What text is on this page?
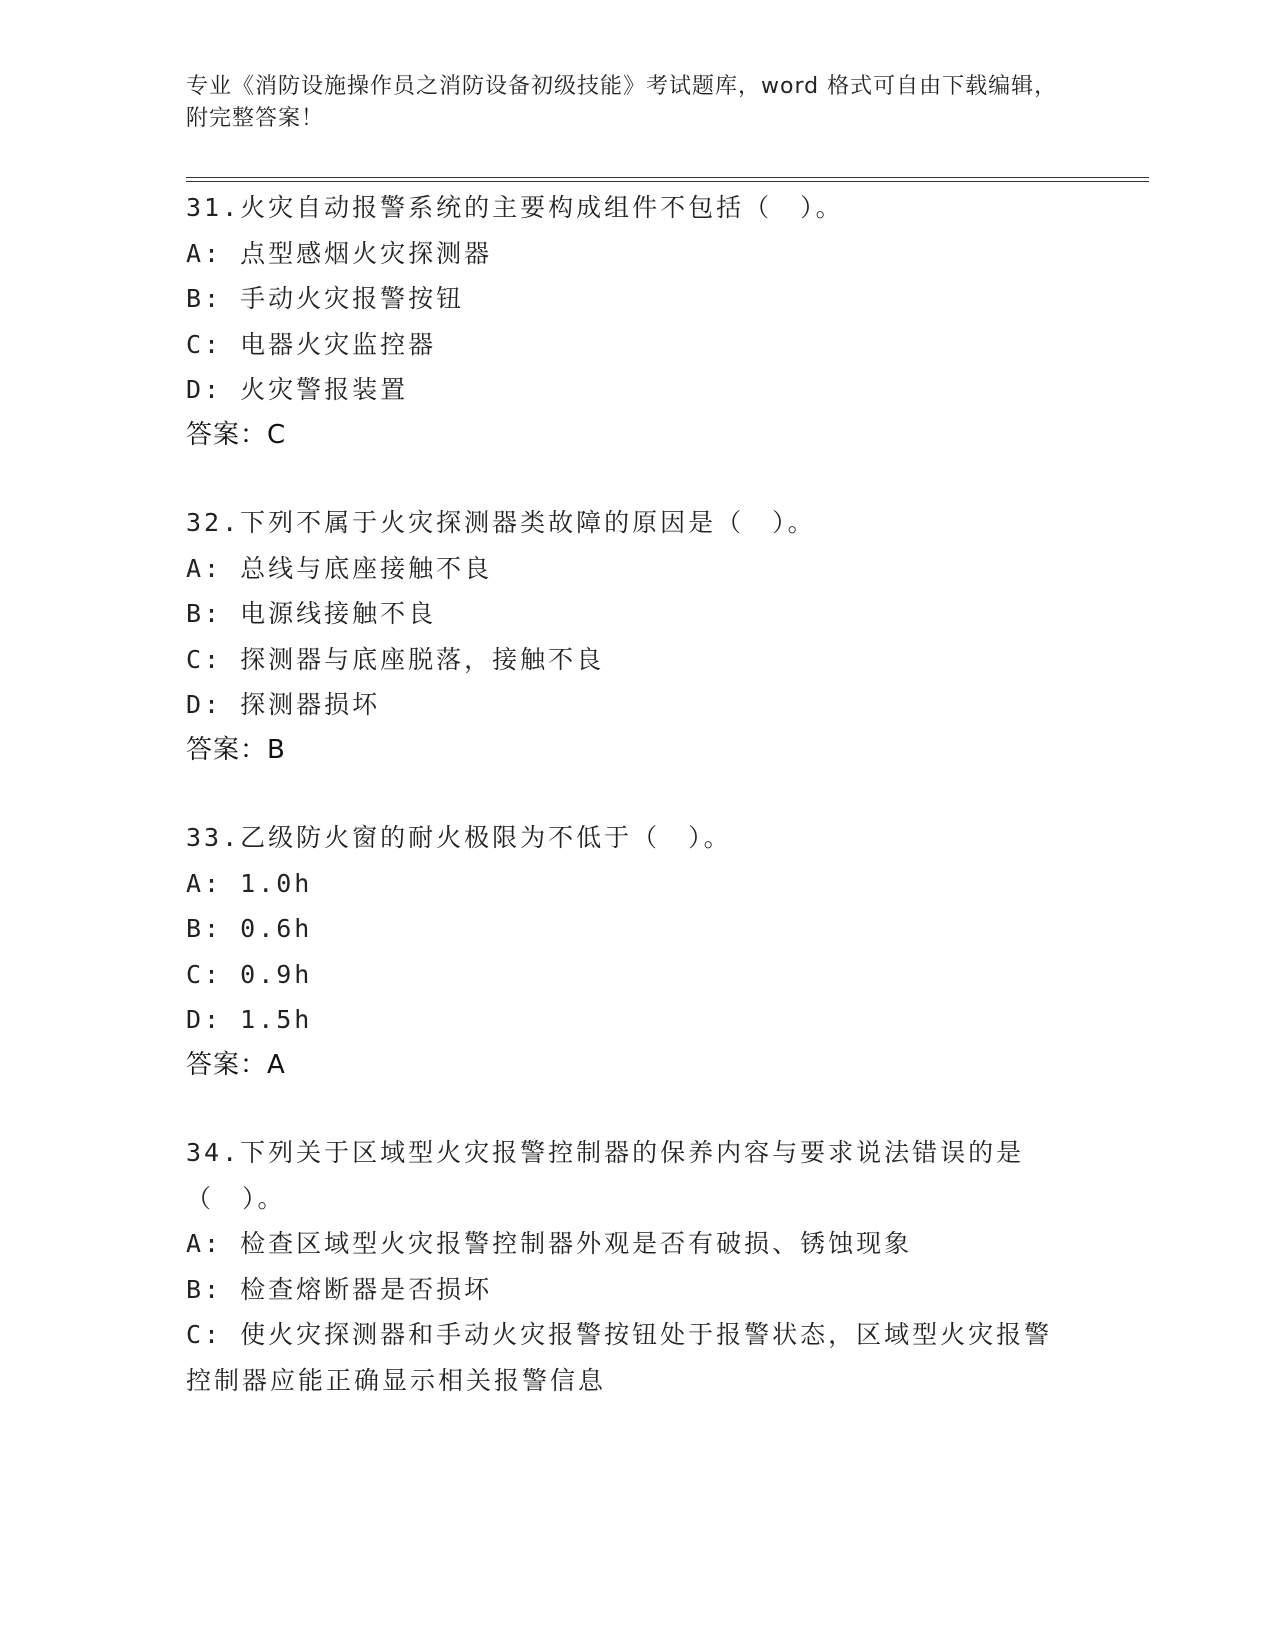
专业《消防设施操作员之消防设备初级技能》考试题库，word 格式可自由下载编辑，附完整答案！
31.火灾自动报警系统的主要构成组件不包括（　）。
A: 点型感烟火灾探测器
B: 手动火灾报警按钮
C: 电器火灾监控器
D: 火灾警报装置
答案：C
32.下列不属于火灾探测器类故障的原因是（　）。
A: 总线与底座接触不良
B: 电源线接触不良
C: 探测器与底座脱落，接触不良
D: 探测器损坏
答案：B
33.乙级防火窗的耐火极限为不低于（　）。
A: 1.0h
B: 0.6h
C: 0.9h
D: 1.5h
答案：A
34.下列关于区域型火灾报警控制器的保养内容与要求说法错误的是（　）。
A: 检查区域型火灾报警控制器外观是否有破损、锈蚀现象
B: 检查熔断器是否损坏
C: 使火灾探测器和手动火灾报警按钮处于报警状态，区域型火灾报警控制器应能正确显示相关报警信息
